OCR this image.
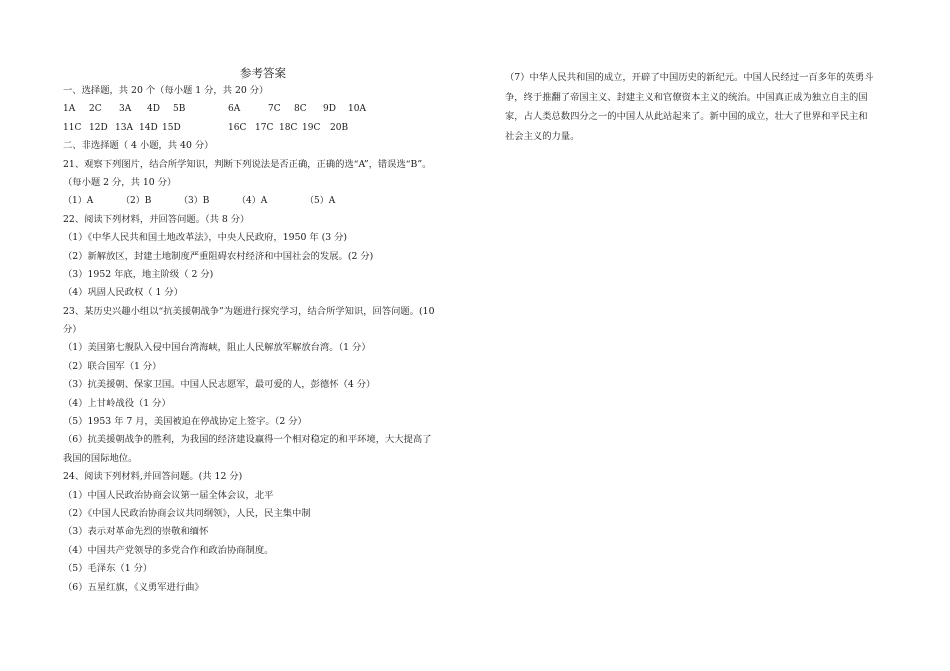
参考答案
一、选择题，共 20 个（每小题 1 分，共 20 分）
1A	2C	3A	4D	5B	6A	7C	8C	9D	10A
11C 12D 13A 14D 15D	16C 17C 18C 19C	20B
二、非选择题（ 4 小题，共 40 分）
21、观察下列图片，结合所学知识，判断下列说法是否正确，正确的选“A”，错误选“B”。
（每小题 2 分，共 10 分）
（1）A	（2）B	（3）B	（4）A	（5）A
22、阅读下列材料，并回答问题。（共 8 分）
（1）《中华人民共和国土地改革法》，中央人民政府，1950 年 (3 分)
（2）新解放区，封建土地制度严重阻碍农村经济和中国社会的发展。(2 分)
（3）1952 年底，地主阶级（ 2 分)
（4）巩固人民政权（ 1 分）
23、某历史兴趣小组以“抗美援朝战争”为题进行探究学习，结合所学知识，回答问题。(10
分）
（1）美国第七舰队入侵中国台湾海峡，阻止人民解放军解放台湾。（1 分）
（2）联合国军（1 分）
（3）抗美援朝、保家卫国。中国人民志愿军，最可爱的人，彭德怀（4 分）
（4）上甘岭战役（1 分）
（5）1953 年 7 月，美国被迫在停战协定上签字。（2 分）
（6）抗美援朝战争的胜利，为我国的经济建设赢得一个相对稳定的和平环境，大大提高了
我国的国际地位。
24、阅读下列材料,并回答问题。(共 12 分)
（1）中国人民政治协商会议第一届全体会议，北平
（2）《中国人民政治协商会议共同纲领》，人民，民主集中制
（3）表示对革命先烈的崇敬和缅怀
（4）中国共产党领导的多党合作和政治协商制度。
（5）毛泽东（1 分）
（6）五星红旗，《义勇军进行曲》
（7）中华人民共和国的成立，开辟了中国历史的新纪元。中国人民经过一百多年的英勇斗
争，终于推翻了帝国主义、封建主义和官僚资本主义的统治。中国真正成为独立自主的国
家，占人类总数四分之一的中国人从此站起来了。新中国的成立，壮大了世界和平民主和
社会主义的力量。
